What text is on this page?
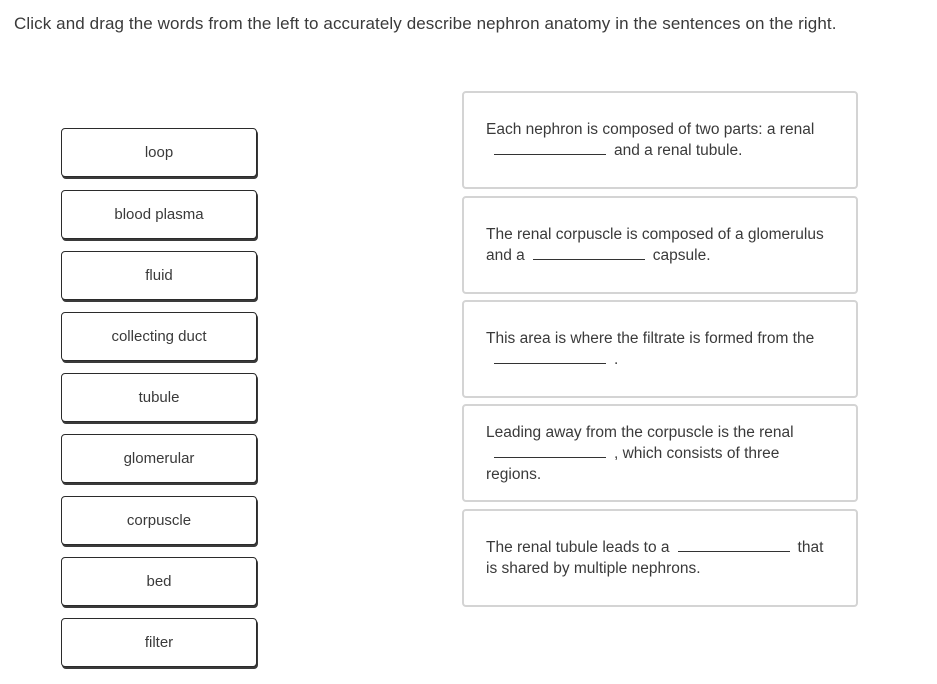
Click and drag the words from the left to accurately describe nephron anatomy in the sentences on the right.
loop
blood plasma
fluid
collecting duct
tubule
glomerular
corpuscle
bed
filter
Each nephron is composed of two parts: a renaland a renal tubule.
The renal corpuscle is composed of a glomerulus and a	capsule.
This area is where the filtrate is formed from the.
Leading away from the corpuscle is the renal, which consists of three regions.
The renal tubule leads to a	that is shared by multiple nephrons.
